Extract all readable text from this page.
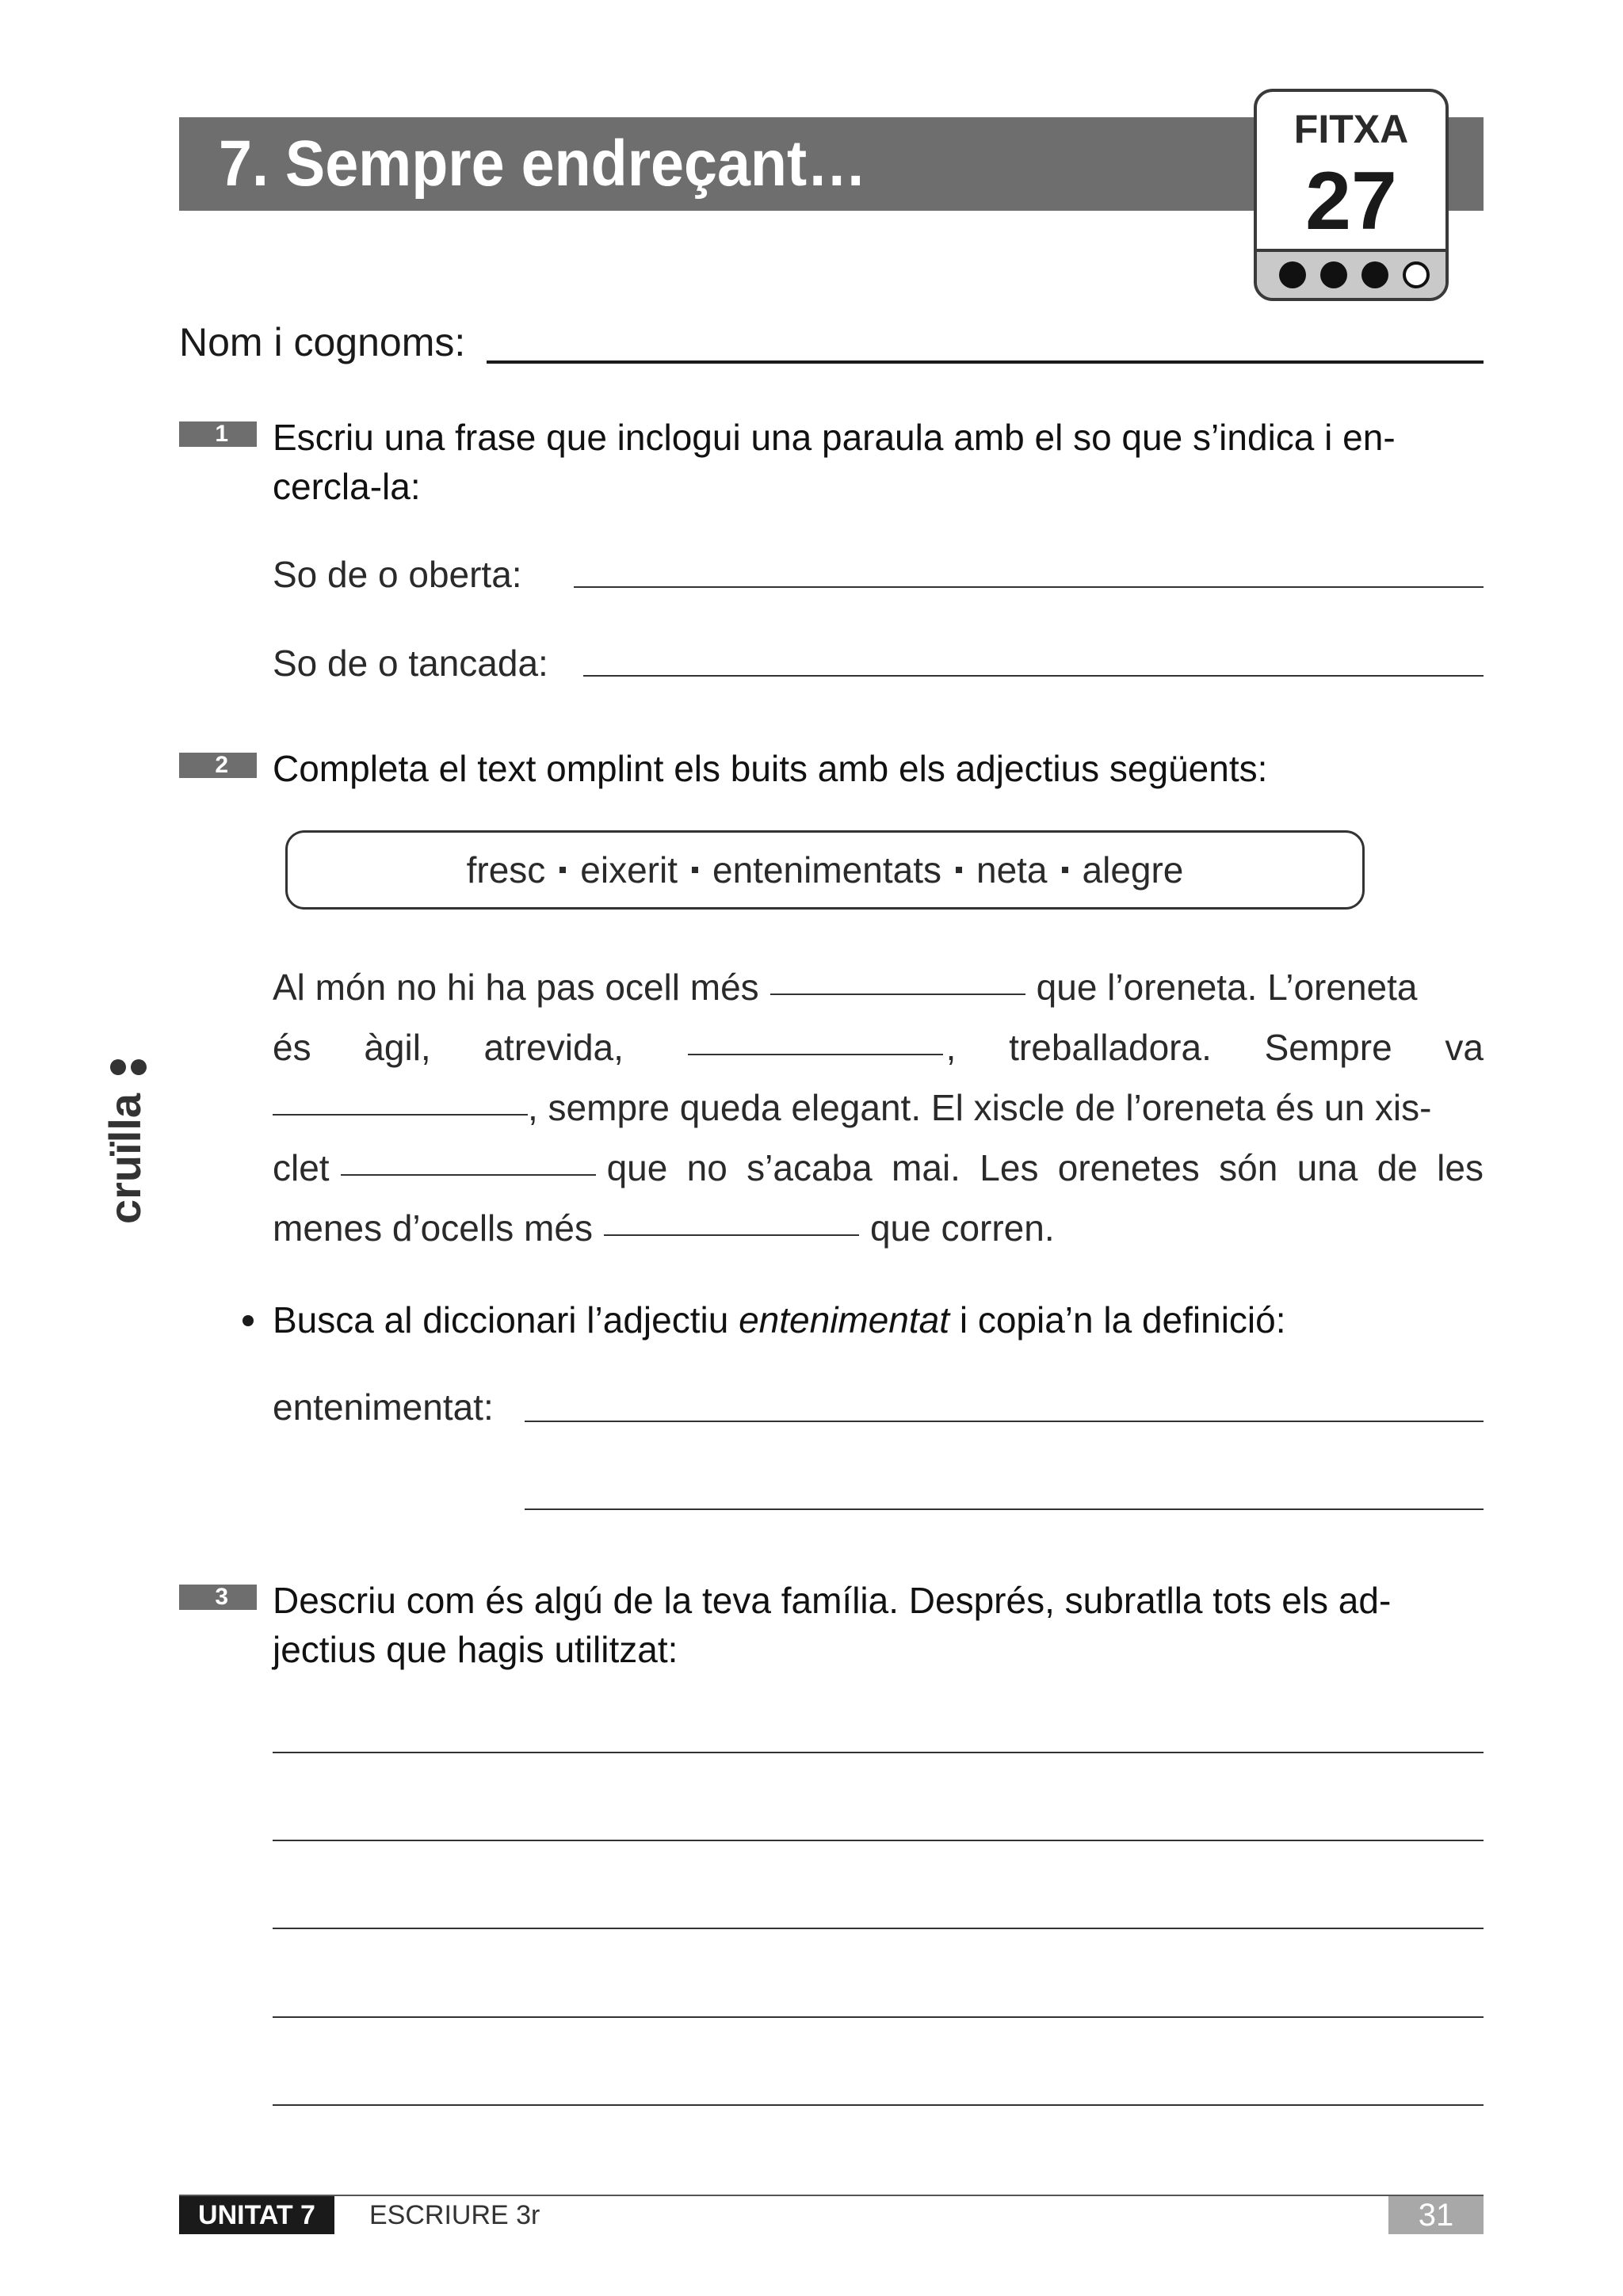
7. Sempre endreçant…	FITXA
27
Nom i cognoms:
1	Escriu una frase que inclogui una paraula amb el so que s’indica i en-
cercla-la:
So de o oberta:
So de o tancada:
2	Completa el text omplint els buits amb els adjectius següents:
fresc eixerit entenimentats neta alegre
Al món no hi ha pas ocell més	que l’oreneta. L’oreneta
és àgil, atrevida,	, treballadora. Sempre va
, sempre queda elegant. El xiscle de l’oreneta és un xis-
clet	que no s’acaba mai. Les orenetes són una de les
menes d’ocells més	que corren.
Busca al diccionari l’adjectiu entenimentat i copia’n la definició:
entenimentat:
3	Descriu com és algú de la teva família. Després, subratlla tots els ad-
jectius que hagis utilitzat:
cruïlla
UNITAT 7	ESCRIURE 3r	31
